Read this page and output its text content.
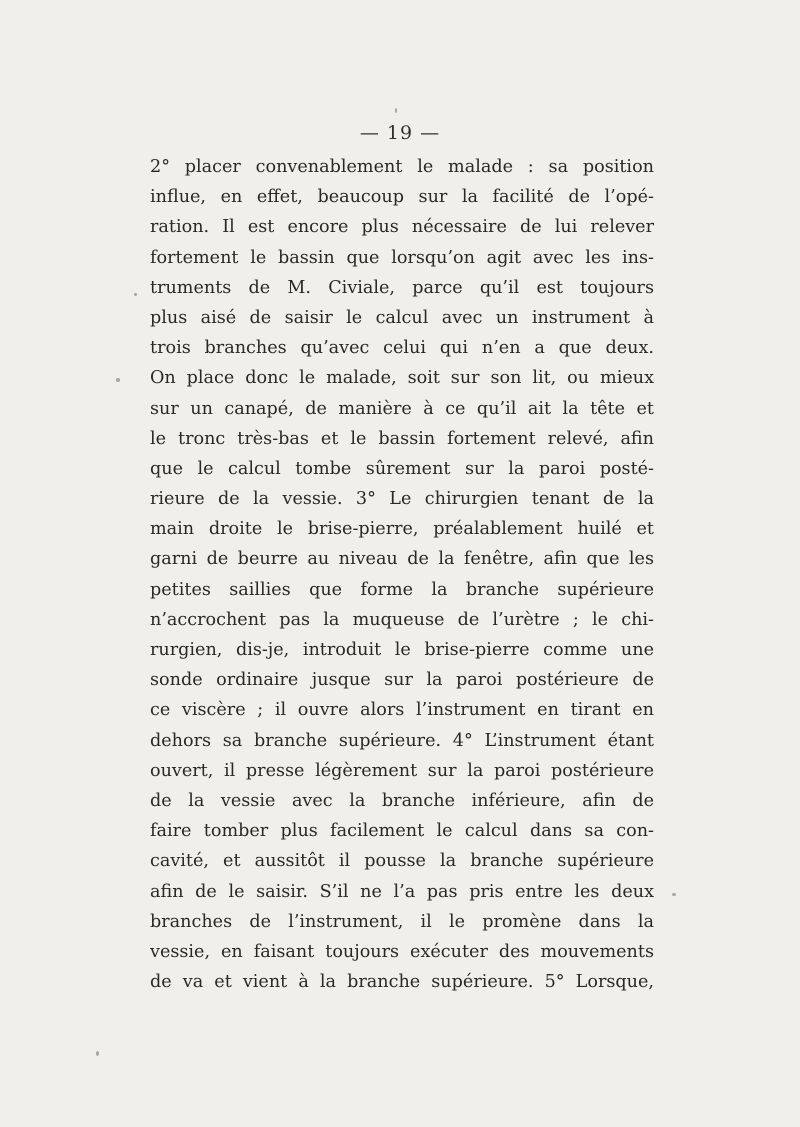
— 19 —
2° placer convenablement le malade : sa position
influe, en effet, beaucoup sur la facilité de l’opé-
ration. Il est encore plus nécessaire de lui relever
fortement le bassin que lorsqu’on agit avec les ins-
truments de M. Civiale, parce qu’il est toujours
plus aisé de saisir le calcul avec un instrument à
trois branches qu’avec celui qui n’en a que deux.
On place donc le malade, soit sur son lit, ou mieux
sur un canapé, de manière à ce qu’il ait la tête et
le tronc très-bas et le bassin fortement relevé, afin
que le calcul tombe sûrement sur la paroi posté-
rieure de la vessie. 3° Le chirurgien tenant de la
main droite le brise-pierre, préalablement huilé et
garni de beurre au niveau de la fenêtre, afin que les
petites saillies que forme la branche supérieure
n’accrochent pas la muqueuse de l’urètre ; le chi-
rurgien, dis-je, introduit le brise-pierre comme une
sonde ordinaire jusque sur la paroi postérieure de
ce viscère ; il ouvre alors l’instrument en tirant en
dehors sa branche supérieure. 4° L’instrument étant
ouvert, il presse légèrement sur la paroi postérieure
de la vessie avec la branche inférieure, afin de
faire tomber plus facilement le calcul dans sa con-
cavité, et aussitôt il pousse la branche supérieure
afin de le saisir. S’il ne l’a pas pris entre les deux
branches de l’instrument, il le promène dans la
vessie, en faisant toujours exécuter des mouvements
de va et vient à la branche supérieure. 5° Lorsque,
